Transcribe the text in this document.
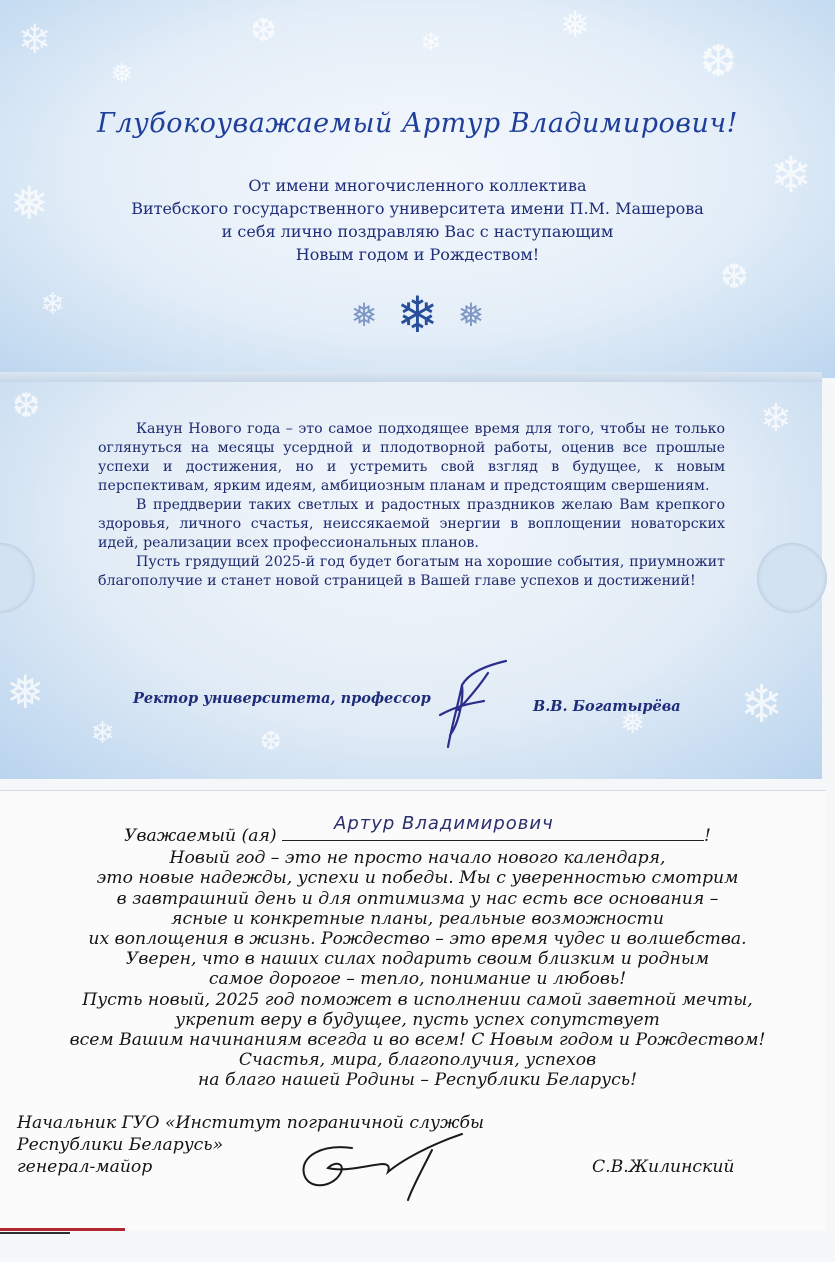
❄
❅
❆	❄	❅
❆
❄
❅
❆
❄
❆	❄
❅
❄	❆
❅ ❄
Глубокоуважаемый Артур Владимирович!
От имени многочисленного коллектива
Витебского государственного университета имени П.М. Машерова
и себя лично поздравляю Вас с наступающим
Новым годом и Рождеством!
❅ ❄ ❅

Канун Нового года – это самое подходящее время для того, чтобы не только оглянуться на месяцы усердной и плодотворной работы, оценив все прошлые успехи и достижения, но и устремить свой взгляд в будущее, к новым перспективам, ярким идеям, амбициозным планам и предстоящим свершениям.

В преддверии таких светлых и радостных праздников желаю Вам крепкого здоровья, личного счастья, неиссякаемой энергии в воплощении новаторских идей, реализации всех профессиональных планов.

Пусть грядущий 2025-й год будет богатым на хорошие события, приумножит благополучие и станет новой страницей в Вашей главе успехов и достижений!

Ректор университета, профессор	В.В. Богатырёва
Уважаемый (ая)
Артур Владимирович
!
Новый год – это не просто начало нового календаря,
это новые надежды, успехи и победы. Мы с уверенностью смотрим
в завтрашний день и для оптимизма у нас есть все основания –
ясные и конкретные планы, реальные возможности
их воплощения в жизнь. Рождество – это время чудес и волшебства.
Уверен, что в наших силах подарить своим близким и родным
самое дорогое – тепло, понимание и любовь!
Пусть новый, 2025 год поможет в исполнении самой заветной мечты,
укрепит веру в будущее, пусть успех сопутствует
всем Вашим начинаниям всегда и во всем! С Новым годом и Рождеством!
Счастья, мира, благополучия, успехов
на благо нашей Родины – Республики Беларусь!
Начальник ГУО «Институт пограничной службы
Республики Беларусь»
генерал-майор	С.В.Жилинский
